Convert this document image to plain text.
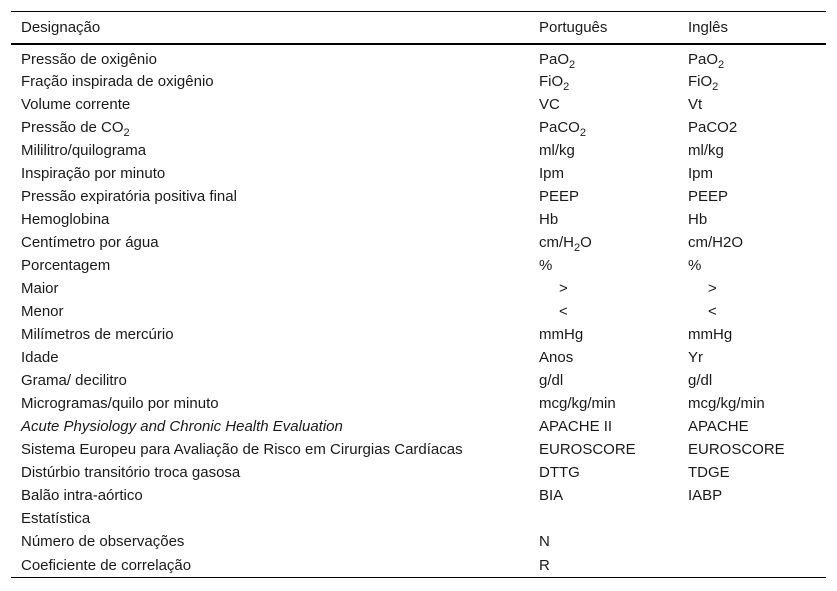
Designação	Português	Inglês
Pressão de oxigênio	PaO$_2$	PaO$_2$
Fração inspirada de oxigênio	FiO$_2$	FiO$_2$
Volume corrente	VC	Vt
Pressão de $CO_2$	PaCO$_2$	PaCO2
Mililitro/quilograma	ml/kg	ml/kg
Inspiração por minuto	Ipm	Ipm
Pressão expiratória positiva final	PEEP	PEEP
Hemoglobina	Hb	Hb
Centímetro por água	$cm/H_2O$	cm/H2O
Porcentagem	%	%
Maior	>	>
Menor	<	<
Milímetros de mercúrio	mmHg	mmHg
Idade	Anos	Yr
Grama/ decilitro	g/dl	g/dl
Microgramas/quilo por minuto	mcg/kg/min	mcg/kg/min
Acute Physiology and Chronic Health Evaluation	APACHE II	APACHE
Sistema Europeu para Avaliação de Risco em Cirurgias Cardíacas	EUROSCORE	EUROSCORE
Distúrbio transitório troca gasosa	DTTG	TDGE
Balão intra-aórtico	BIA	IABP
Estatística		
Número de observações	N	
Coeficiente de correlação	R	
